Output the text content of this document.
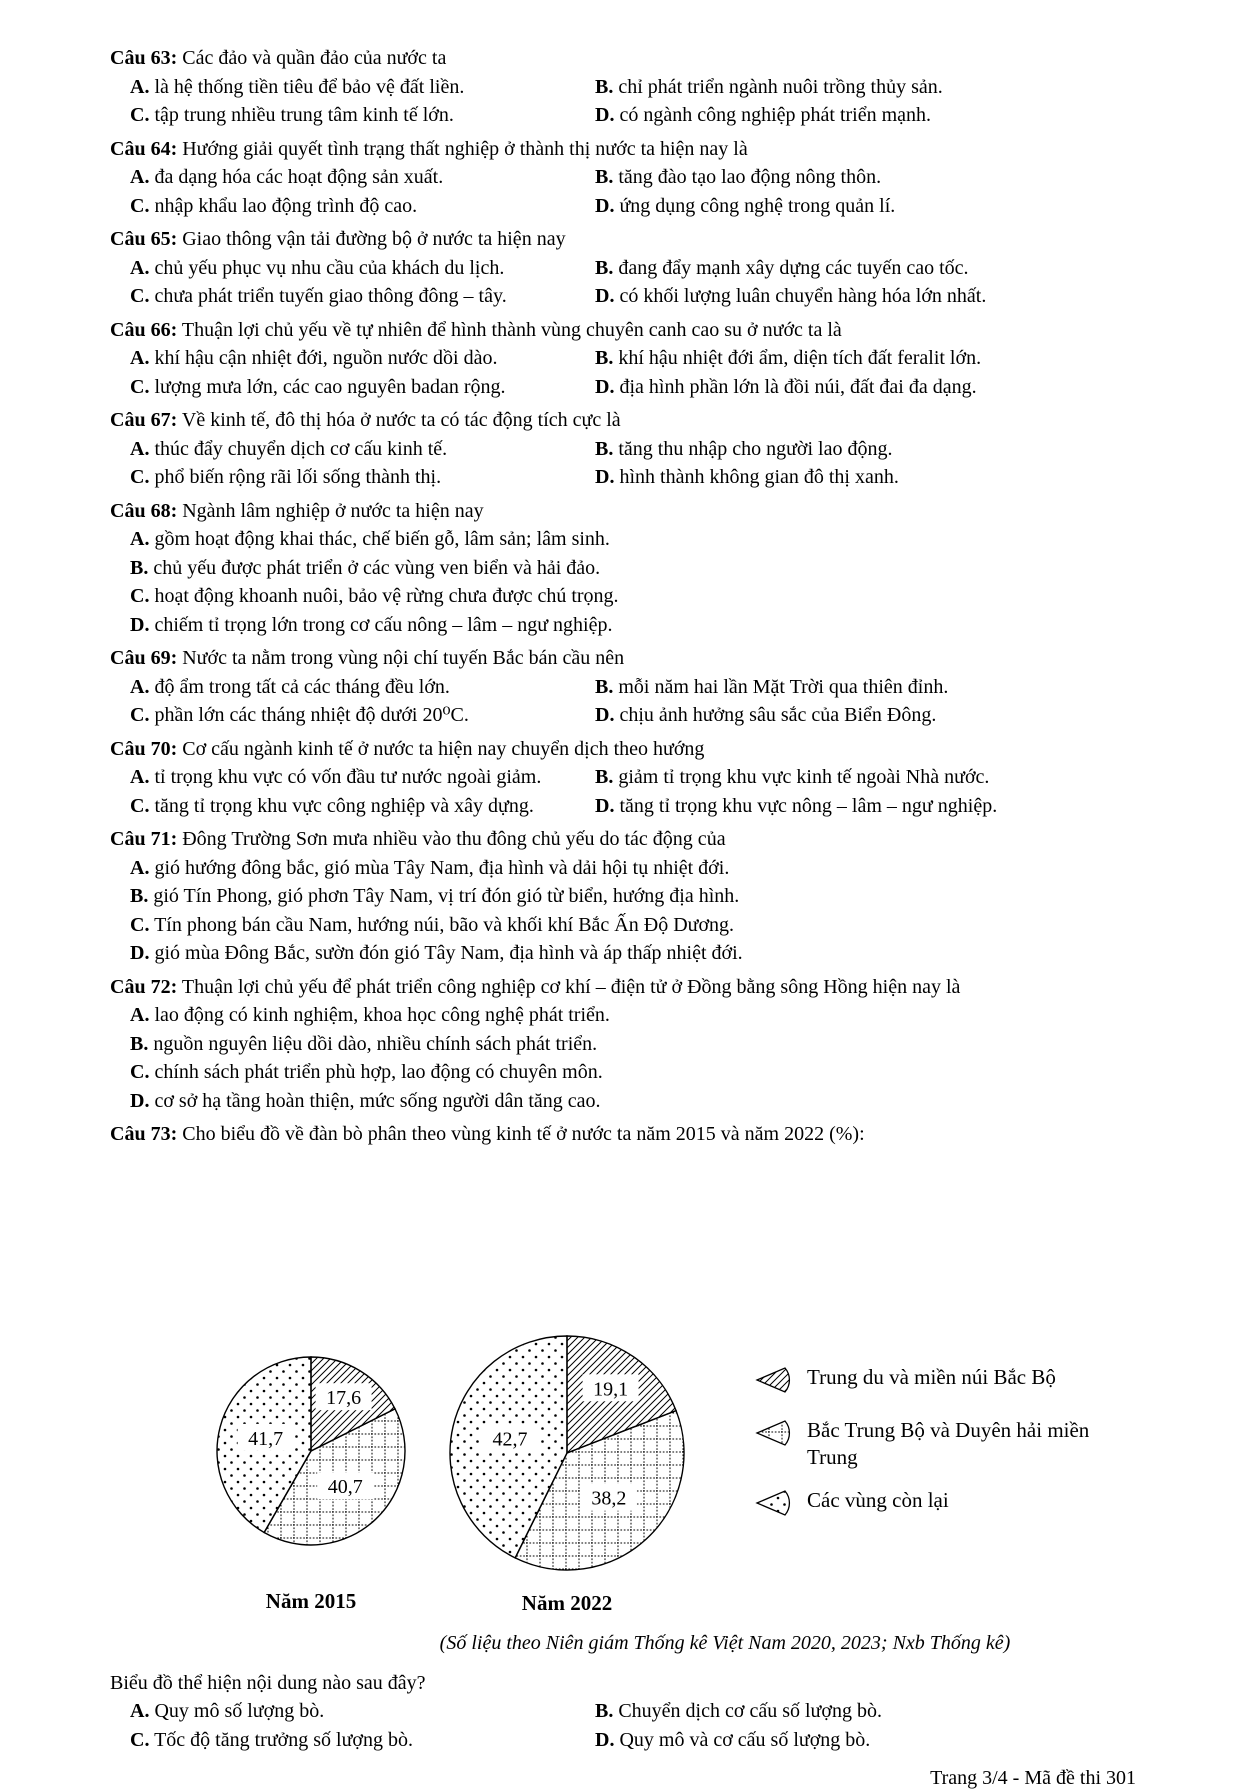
Câu 63: Các đảo và quần đảo của nước ta
A. là hệ thống tiền tiêu để bảo vệ đất liền.	B. chỉ phát triển ngành nuôi trồng thủy sản.
C. tập trung nhiều trung tâm kinh tế lớn.	D. có ngành công nghiệp phát triển mạnh.
Câu 64: Hướng giải quyết tình trạng thất nghiệp ở thành thị nước ta hiện nay là
A. đa dạng hóa các hoạt động sản xuất.	B. tăng đào tạo lao động nông thôn.
C. nhập khẩu lao động trình độ cao.	D. ứng dụng công nghệ trong quản lí.
Câu 65: Giao thông vận tải đường bộ ở nước ta hiện nay
A. chủ yếu phục vụ nhu cầu của khách du lịch.	B. đang đẩy mạnh xây dựng các tuyến cao tốc.
C. chưa phát triển tuyến giao thông đông – tây.	D. có khối lượng luân chuyển hàng hóa lớn nhất.
Câu 66: Thuận lợi chủ yếu về tự nhiên để hình thành vùng chuyên canh cao su ở nước ta là
A. khí hậu cận nhiệt đới, nguồn nước dồi dào.	B. khí hậu nhiệt đới ẩm, diện tích đất feralit lớn.
C. lượng mưa lớn, các cao nguyên badan rộng.	D. địa hình phần lớn là đồi núi, đất đai đa dạng.
Câu 67: Về kinh tế, đô thị hóa ở nước ta có tác động tích cực là
A. thúc đẩy chuyển dịch cơ cấu kinh tế.	B. tăng thu nhập cho người lao động.
C. phổ biến rộng rãi lối sống thành thị.	D. hình thành không gian đô thị xanh.
Câu 68: Ngành lâm nghiệp ở nước ta hiện nay
A. gồm hoạt động khai thác, chế biến gỗ, lâm sản; lâm sinh.
B. chủ yếu được phát triển ở các vùng ven biển và hải đảo.
C. hoạt động khoanh nuôi, bảo vệ rừng chưa được chú trọng.
D. chiếm tỉ trọng lớn trong cơ cấu nông – lâm – ngư nghiệp.
Câu 69: Nước ta nằm trong vùng nội chí tuyến Bắc bán cầu nên
A. độ ẩm trong tất cả các tháng đều lớn.	B. mỗi năm hai lần Mặt Trời qua thiên đỉnh.
C. phần lớn các tháng nhiệt độ dưới 20⁰C.	D. chịu ảnh hưởng sâu sắc của Biển Đông.
Câu 70: Cơ cấu ngành kinh tế ở nước ta hiện nay chuyển dịch theo hướng
A. tỉ trọng khu vực có vốn đầu tư nước ngoài giảm.	B. giảm tỉ trọng khu vực kinh tế ngoài Nhà nước.
C. tăng tỉ trọng khu vực công nghiệp và xây dựng.	D. tăng tỉ trọng khu vực nông – lâm – ngư nghiệp.
Câu 71: Đông Trường Sơn mưa nhiều vào thu đông chủ yếu do tác động của
A. gió hướng đông bắc, gió mùa Tây Nam, địa hình và dải hội tụ nhiệt đới.
B. gió Tín Phong, gió phơn Tây Nam, vị trí đón gió từ biển, hướng địa hình.
C. Tín phong bán cầu Nam, hướng núi, bão và khối khí Bắc Ấn Độ Dương.
D. gió mùa Đông Bắc, sườn đón gió Tây Nam, địa hình và áp thấp nhiệt đới.
Câu 72: Thuận lợi chủ yếu để phát triển công nghiệp cơ khí – điện tử ở Đồng bằng sông Hồng hiện nay là
A. lao động có kinh nghiệm, khoa học công nghệ phát triển.
B. nguồn nguyên liệu dồi dào, nhiều chính sách phát triển.
C. chính sách phát triển phù hợp, lao động có chuyên môn.
D. cơ sở hạ tầng hoàn thiện, mức sống người dân tăng cao.
Câu 73: Cho biểu đồ về đàn bò phân theo vùng kinh tế ở nước ta năm 2015 và năm 2022 (%):
Trung du và miền núi Bắc Bộ
Bắc Trung Bộ và Duyên hải miền Trung
Các vùng còn lại
17,6
40,7
41,7
Năm 2015
19,1
38,2
42,7
Năm 2022
(Số liệu theo Niên giám Thống kê Việt Nam 2020, 2023; Nxb Thống kê)
Biểu đồ thể hiện nội dung nào sau đây?
A. Quy mô số lượng bò.	B. Chuyển dịch cơ cấu số lượng bò.
C. Tốc độ tăng trưởng số lượng bò.	D. Quy mô và cơ cấu số lượng bò.
Trang 3/4 - Mã đề thi 301
